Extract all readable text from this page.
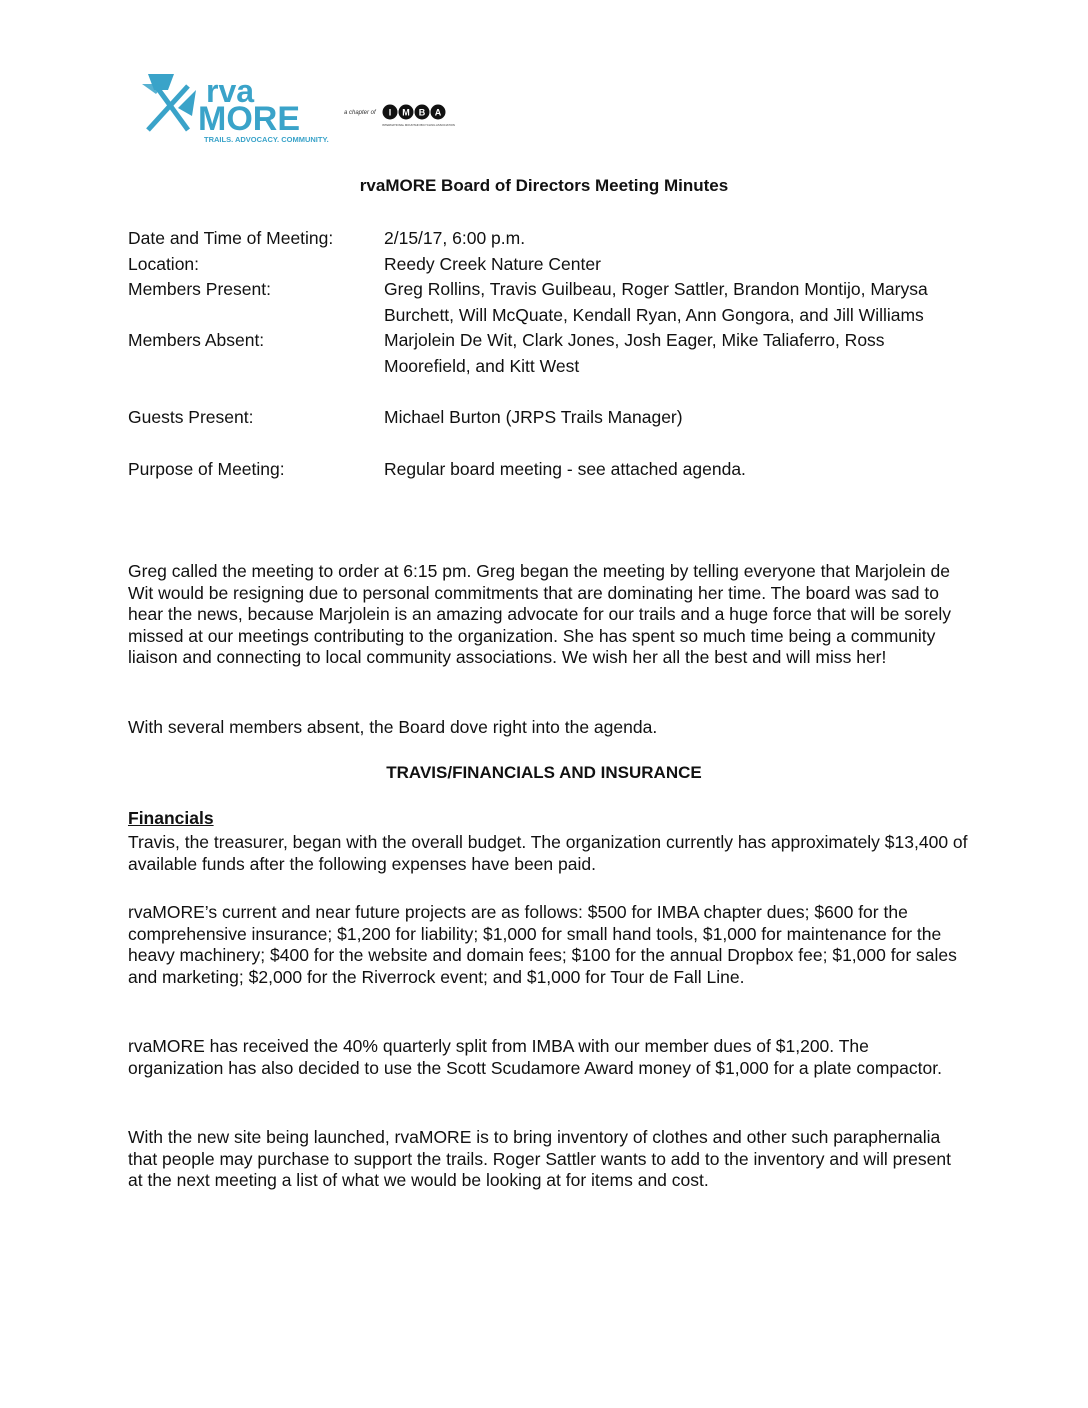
rva
MORE
TRAILS. ADVOCACY. COMMUNITY.
a chapter of I M B A
INTERNATIONAL MOUNTAIN BICYCLING ASSOCIATION
rvaMORE Board of Directors Meeting Minutes
Date and Time of Meeting:	2/15/17, 6:00 p.m.
Location:	Reedy Creek Nature Center
Members Present:	Greg Rollins, Travis Guilbeau, Roger Sattler, Brandon Montijo, Marysa Burchett, Will McQuate, Kendall Ryan, Ann Gongora, and Jill Williams
Members Absent:	Marjolein De Wit, Clark Jones, Josh Eager, Mike Taliaferro, Ross Moorefield, and Kitt West
Guests Present:	Michael Burton (JRPS Trails Manager)
Purpose of Meeting:	Regular board meeting - see attached agenda.

Greg called the meeting to order at 6:15 pm. Greg began the meeting by telling everyone that Marjolein de Wit would be resigning due to personal commitments that are dominating her time. The board was sad to hear the news, because Marjolein is an amazing advocate for our trails and a huge force that will be sorely missed at our meetings contributing to the organization. She has spent so much time being a community liaison and connecting to local community associations. We wish her all the best and will miss her!

With several members absent, the Board dove right into the agenda.

TRAVIS/FINANCIALS AND INSURANCE
Financials

Travis, the treasurer, began with the overall budget. The organization currently has approximately $13,400 of available funds after the following expenses have been paid.

rvaMORE’s current and near future projects are as follows: $500 for IMBA chapter dues; $600 for the comprehensive insurance; $1,200 for liability; $1,000 for small hand tools, $1,000 for maintenance for the heavy machinery; $400 for the website and domain fees; $100 for the annual Dropbox fee; $1,000 for sales and marketing; $2,000 for the Riverrock event; and $1,000 for Tour de Fall Line.

rvaMORE has received the 40% quarterly split from IMBA with our member dues of $1,200. The organization has also decided to use the Scott Scudamore Award money of $1,000 for a plate compactor.

With the new site being launched, rvaMORE is to bring inventory of clothes and other such paraphernalia that people may purchase to support the trails. Roger Sattler wants to add to the inventory and will present at the next meeting a list of what we would be looking at for items and cost.
